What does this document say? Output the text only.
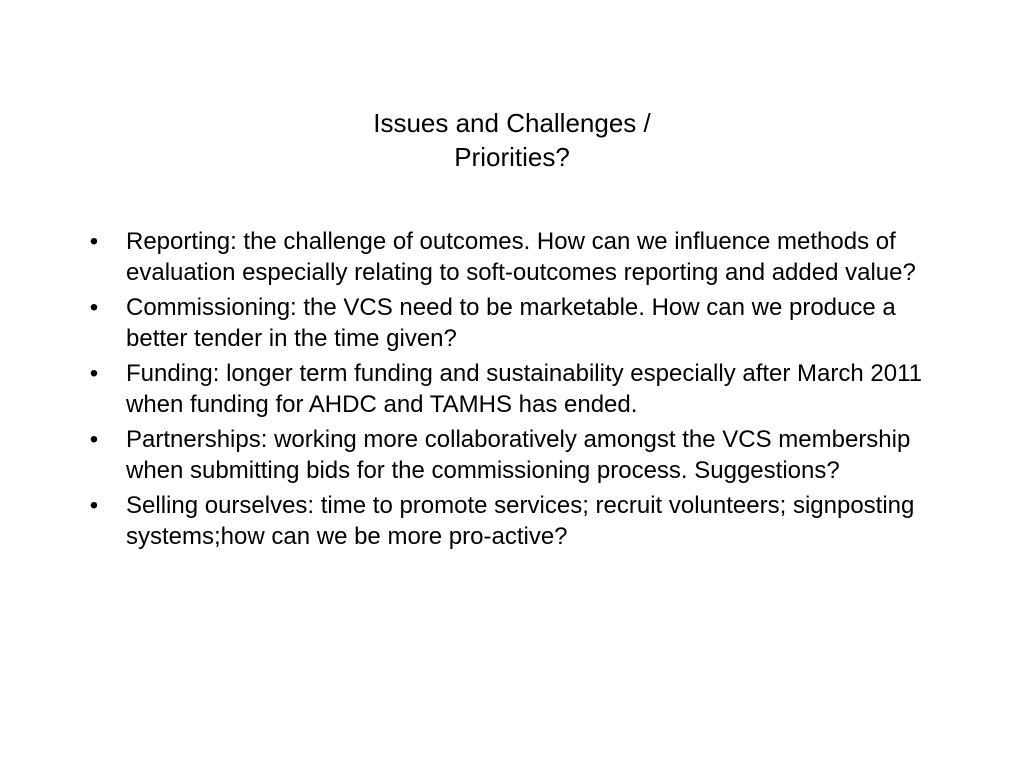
Issues and Challenges /
Priorities?
• Reporting: the challenge of outcomes. How can we influence methods of evaluation especially relating to soft-outcomes reporting and added value?
• Commissioning: the VCS need to be marketable. How can we produce a better tender in the time given?
• Funding: longer term funding and sustainability especially after March 2011 when funding for AHDC and TAMHS has ended.
• Partnerships: working more collaboratively amongst the VCS membership when submitting bids for the commissioning process. Suggestions?
• Selling ourselves: time to promote services; recruit volunteers; signposting systems;how can we be more pro-active?
